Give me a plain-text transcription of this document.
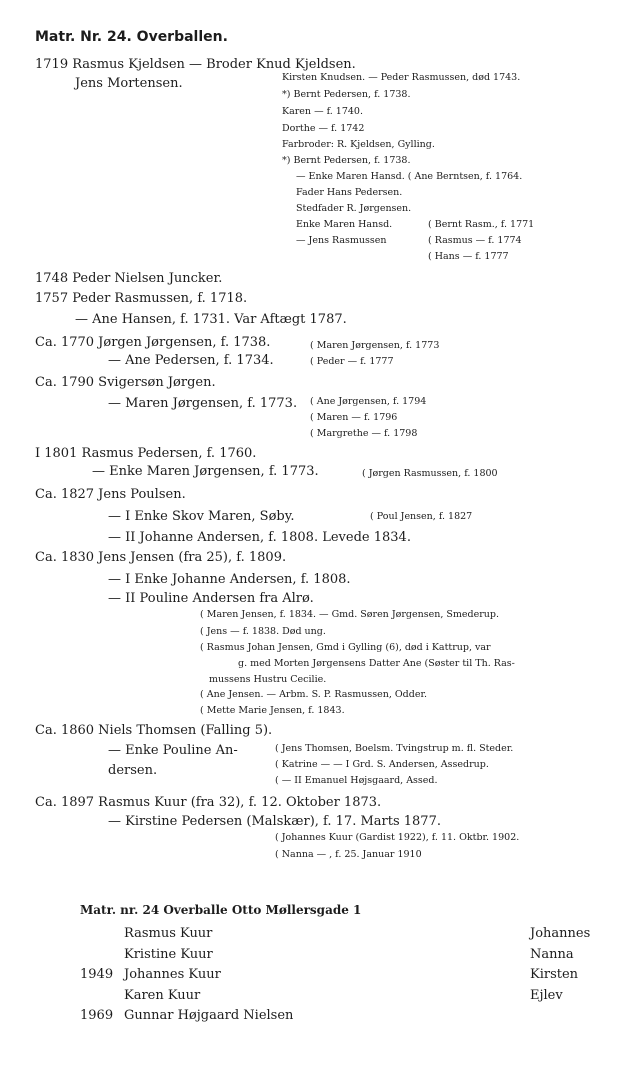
Matr. Nr. 24. Overballen.
1719 Rasmus Kjeldsen — Broder Knud Kjeldsen.
Jens Mortensen.	Kirsten Knudsen. — Peder Rasmussen, død 1743.
*) Bernt Pedersen, f. 1738.
Karen — f. 1740.
Dorthe — f. 1742
Farbroder: R. Kjeldsen, Gylling.
*) Bernt Pedersen, f. 1738.
— Enke Maren Hansd. ( Ane Berntsen, f. 1764.
Fader Hans Pedersen.
Stedfader R. Jørgensen.
Enke Maren Hansd.
— Jens Rasmussen
( Bernt Rasm., f. 1771
( Rasmus — f. 1774
( Hans — f. 1777
1748 Peder Nielsen Juncker.
1757 Peder Rasmussen, f. 1718.
— Ane Hansen, f. 1731. Var Aftægt 1787.
Ca. 1770 Jørgen Jørgensen, f. 1738.
— Ane Pedersen, f. 1734.
( Maren Jørgensen, f. 1773
( Peder — f. 1777
Ca. 1790 Svigersøn Jørgen.
— Maren Jørgensen, f. 1773. ( Ane Jørgensen, f. 1794
( Maren — f. 1796
( Margrethe — f. 1798
I 1801 Rasmus Pedersen, f. 1760.
— Enke Maren Jørgensen, f. 1773.	( Jørgen Rasmussen, f. 1800
Ca. 1827 Jens Poulsen.
— I Enke Skov Maren, Søby.	( Poul Jensen, f. 1827
— II Johanne Andersen, f. 1808. Levede 1834.
Ca. 1830 Jens Jensen (fra 25), f. 1809.
— I Enke Johanne Andersen, f. 1808.
— II Pouline Andersen fra Alrø.
( Maren Jensen, f. 1834. — Gmd. Søren Jørgensen, Smederup.
( Jens — f. 1838. Død ung.
( Rasmus Johan Jensen, Gmd i Gylling (6), død i Kattrup, var
g. med Morten Jørgensens Datter Ane (Søster til Th. Ras-
mussens Hustru Cecilie.
( Ane Jensen. — Arbm. S. P. Rasmussen, Odder.
( Mette Marie Jensen, f. 1843.
Ca. 1860 Niels Thomsen (Falling 5).
— Enke Pouline An-
dersen.
( Jens Thomsen, Boelsm. Tvingstrup m. fl. Steder.
( Katrine — — I Grd. S. Andersen, Assedrup.
( — II Emanuel Højsgaard, Assed.
Ca. 1897 Rasmus Kuur (fra 32), f. 12. Oktober 1873.
— Kirstine Pedersen (Malskær), f. 17. Marts 1877.
( Johannes Kuur (Gardist 1922), f. 11. Oktbr. 1902.
( Nanna — , f. 25. Januar 1910
Matr. nr. 24 Overballe Otto Møllersgade 1
Rasmus Kuur	Johannes
Kristine Kuur	Nanna
1949 Johannes Kuur	Kirsten
Karen Kuur	Ejlev
1969 Gunnar Højgaard Nielsen
